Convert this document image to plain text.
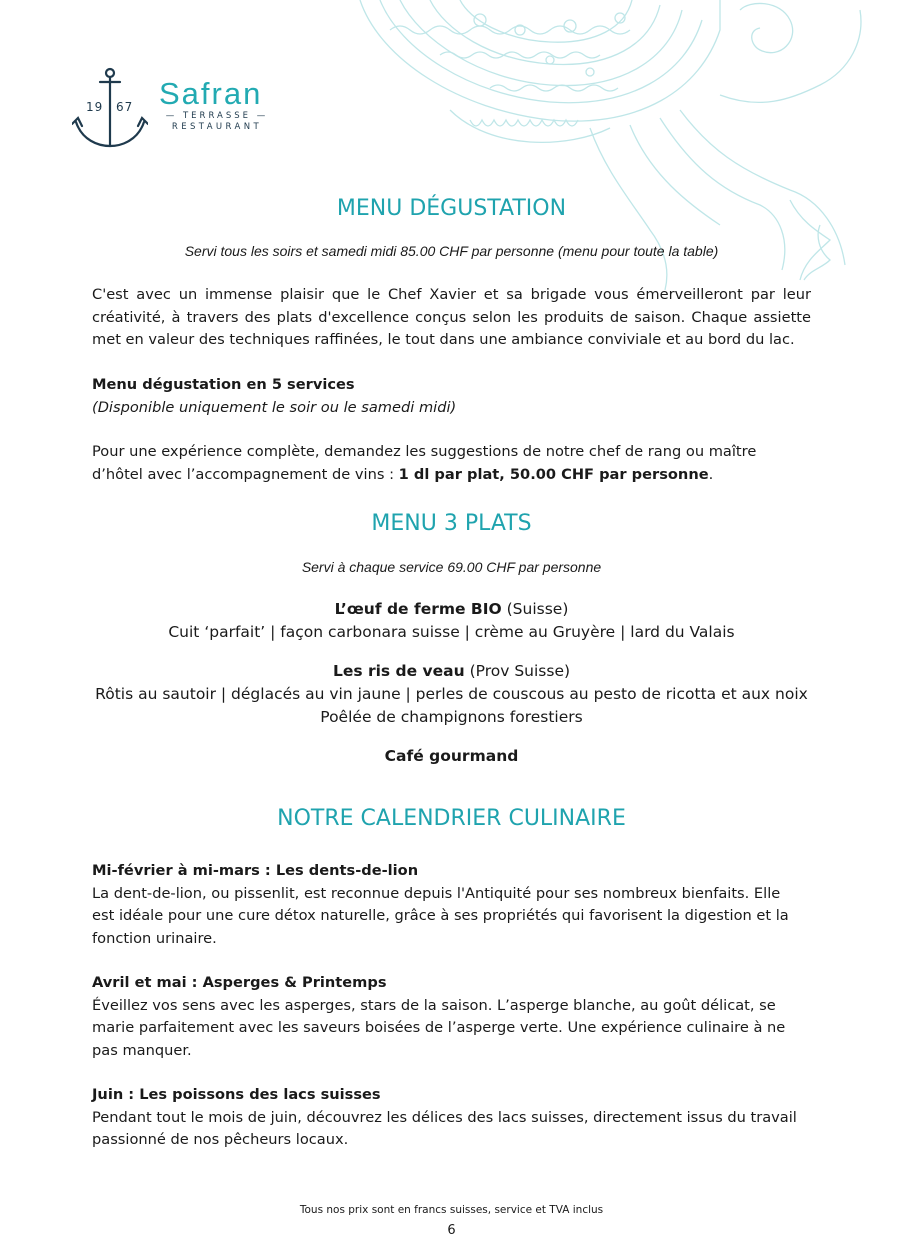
19 67 Safran
— TERRASSE —
RESTAURANT
MENU DÉGUSTATION
Servi tous les soirs et samedi midi 85.00 CHF par personne (menu pour toute la table)
C'est avec un immense plaisir que le Chef Xavier et sa brigade vous émerveilleront par leur
créativité, à travers des plats d'excellence conçus selon les produits de saison. Chaque assiette
met en valeur des techniques raffinées, le tout dans une ambiance conviviale et au bord du lac.
Menu dégustation en 5 services
(Disponible uniquement le soir ou le samedi midi)
Pour une expérience complète, demandez les suggestions de notre chef de rang ou maître
d’hôtel avec l’accompagnement de vins : 1 dl par plat, 50.00 CHF par personne.
MENU 3 PLATS
Servi à chaque service 69.00 CHF par personne
L’œuf de ferme BIO (Suisse)
Cuit ‘parfait’ | façon carbonara suisse | crème au Gruyère | lard du Valais
Les ris de veau (Prov Suisse)
Rôtis au sautoir | déglacés au vin jaune | perles de couscous au pesto de ricotta et aux noix
Poêlée de champignons forestiers
Café gourmand
NOTRE CALENDRIER CULINAIRE
Mi-février à mi-mars : Les dents-de-lion
La dent-de-lion, ou pissenlit, est reconnue depuis l'Antiquité pour ses nombreux bienfaits. Elle
est idéale pour une cure détox naturelle, grâce à ses propriétés qui favorisent la digestion et la
fonction urinaire.
Avril et mai : Asperges & Printemps
Éveillez vos sens avec les asperges, stars de la saison. L’asperge blanche, au goût délicat, se
marie parfaitement avec les saveurs boisées de l’asperge verte. Une expérience culinaire à ne
pas manquer.
Juin : Les poissons des lacs suisses
Pendant tout le mois de juin, découvrez les délices des lacs suisses, directement issus du travail
passionné de nos pêcheurs locaux.
Tous nos prix sont en francs suisses, service et TVA inclus
6
